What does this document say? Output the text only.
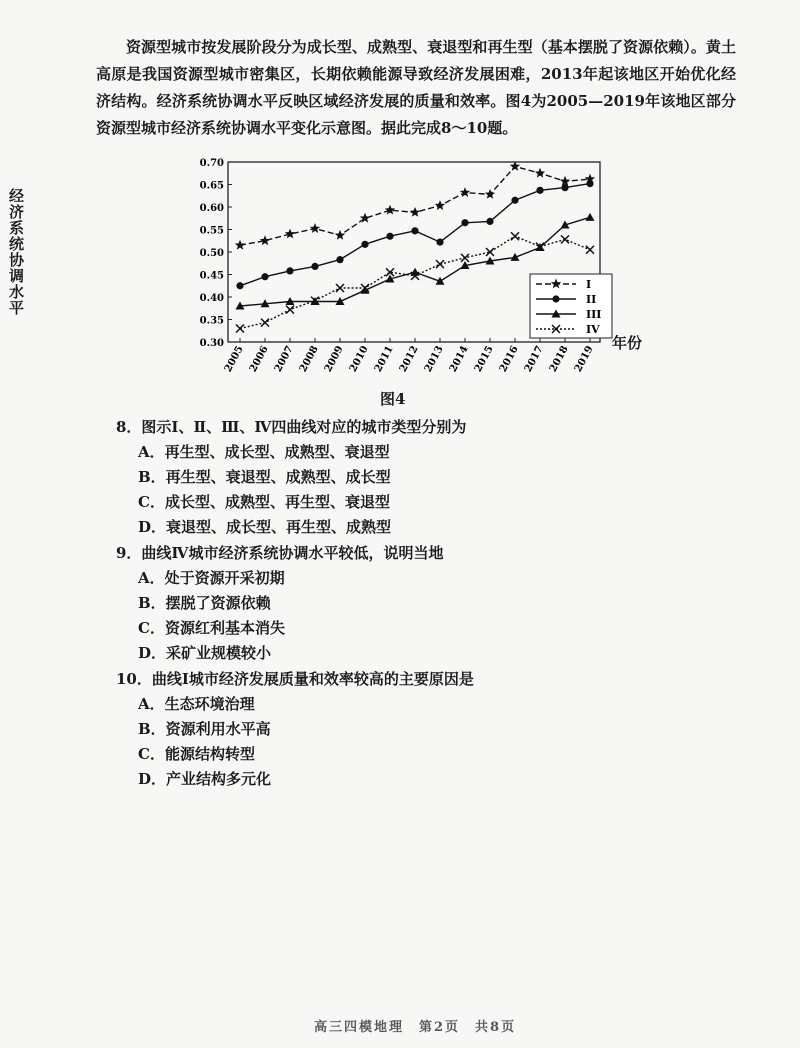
资源型城市按发展阶段分为成长型、成熟型、衰退型和再生型（基本摆脱了资源依赖）。黄土高原是我国资源型城市密集区，长期依赖能源导致经济发展困难，2013年起该地区开始优化经济结构。经济系统协调水平反映区域经济发展的质量和效率。图4为2005—2019年该地区部分资源型城市经济系统协调水平变化示意图。据此完成8～10题。

0.70
0.65
0.60
0.55
0.50
0.45
0.40
0.35
0.30
2005 2006 2007 2008 2009 2010 2011 2012 2013 2014 2015 2016 2017 2018 2019
I
II
III
IV
经济系统协调水平
年份
图4
8．图示Ⅰ、Ⅱ、Ⅲ、Ⅳ四曲线对应的城市类型分别为
A．再生型、成长型、成熟型、衰退型
B．再生型、衰退型、成熟型、成长型
C．成长型、成熟型、再生型、衰退型
D．衰退型、成长型、再生型、成熟型
9．曲线Ⅳ城市经济系统协调水平较低，说明当地
A．处于资源开采初期
B．摆脱了资源依赖
C．资源红利基本消失
D．采矿业规模较小
10．曲线Ⅰ城市经济发展质量和效率较高的主要原因是
A．生态环境治理
B．资源利用水平高
C．能源结构转型
D．产业结构多元化
高三四模地理　第2页　共8页
